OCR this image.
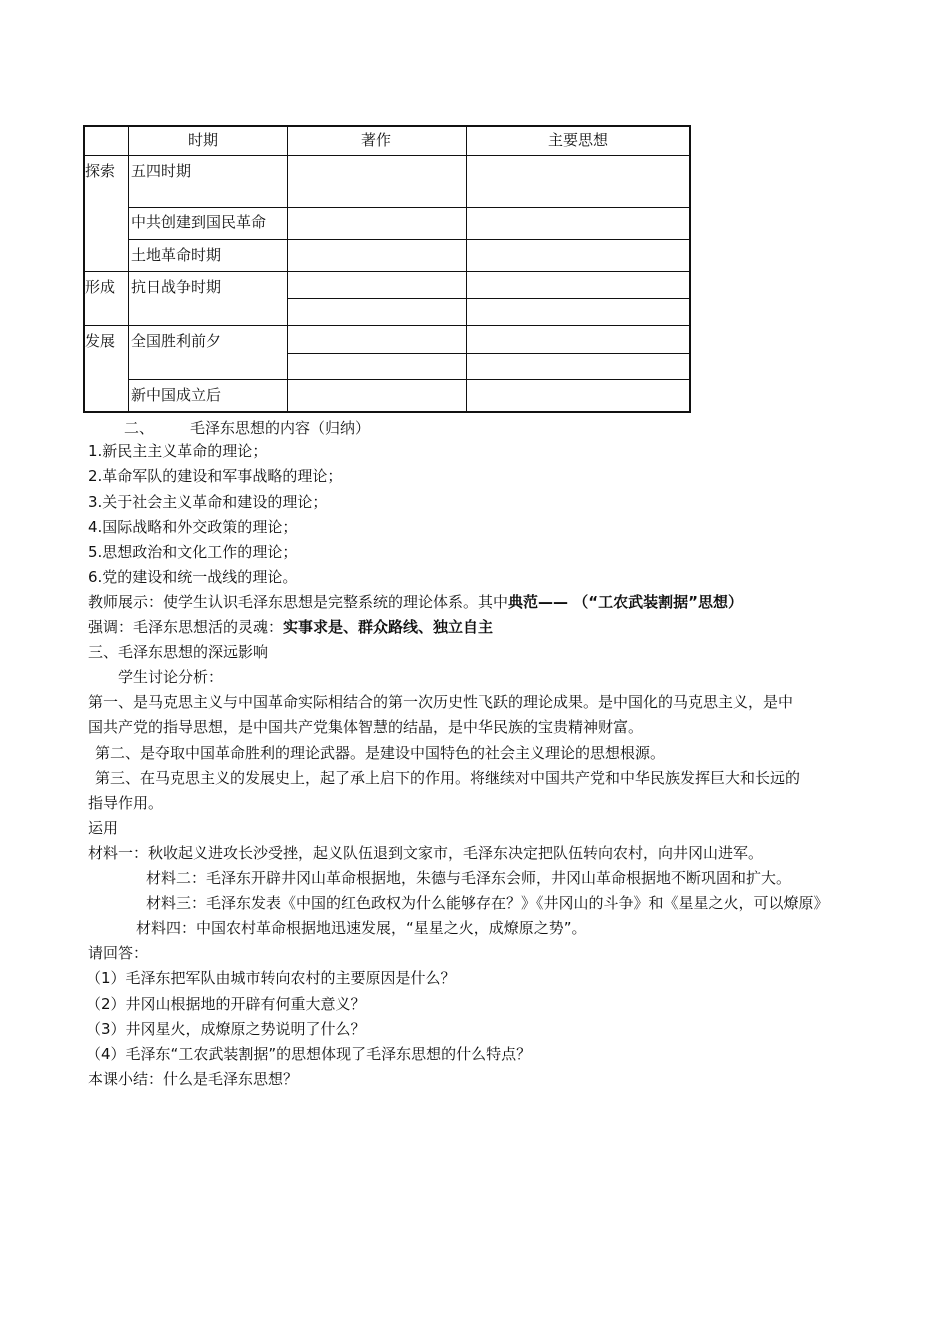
时期	著作	主要思想
探索
形成
发展
五四时期
中共创建到国民革命
土地革命时期
抗日战争时期
全国胜利前夕
新中国成立后
二、 毛泽东思想的内容（归纳）
1.新民主主义革命的理论；
2.革命军队的建设和军事战略的理论；
3.关于社会主义革命和建设的理论；
4.国际战略和外交政策的理论；
5.思想政治和文化工作的理论；
6.党的建设和统一战线的理论。
教师展示：使学生认识毛泽东思想是完整系统的理论体系。其中典范—— （“工农武装割据”思想）
强调：毛泽东思想活的灵魂：实事求是、群众路线、独立自主
三、毛泽东思想的深远影响
学生讨论分析：
第一、是马克思主义与中国革命实际相结合的第一次历史性飞跃的理论成果。是中国化的马克思主义，是中
国共产党的指导思想，是中国共产党集体智慧的结晶，是中华民族的宝贵精神财富。
第二、是夺取中国革命胜利的理论武器。是建设中国特色的社会主义理论的思想根源。
第三、在马克思主义的发展史上，起了承上启下的作用。将继续对中国共产党和中华民族发挥巨大和长远的
指导作用。
运用
材料一：秋收起义进攻长沙受挫，起义队伍退到文家市，毛泽东决定把队伍转向农村，向井冈山进军。
材料二：毛泽东开辟井冈山革命根据地，朱德与毛泽东会师，井冈山革命根据地不断巩固和扩大。
材料三：毛泽东发表《中国的红色政权为什么能够存在？》《井冈山的斗争》和《星星之火，可以燎原》
材料四：中国农村革命根据地迅速发展，“星星之火，成燎原之势”。
请回答：
（1）毛泽东把军队由城市转向农村的主要原因是什么？
（2）井冈山根据地的开辟有何重大意义？
（3）井冈星火，成燎原之势说明了什么？
（4）毛泽东“工农武装割据”的思想体现了毛泽东思想的什么特点？
本课小结：什么是毛泽东思想？
